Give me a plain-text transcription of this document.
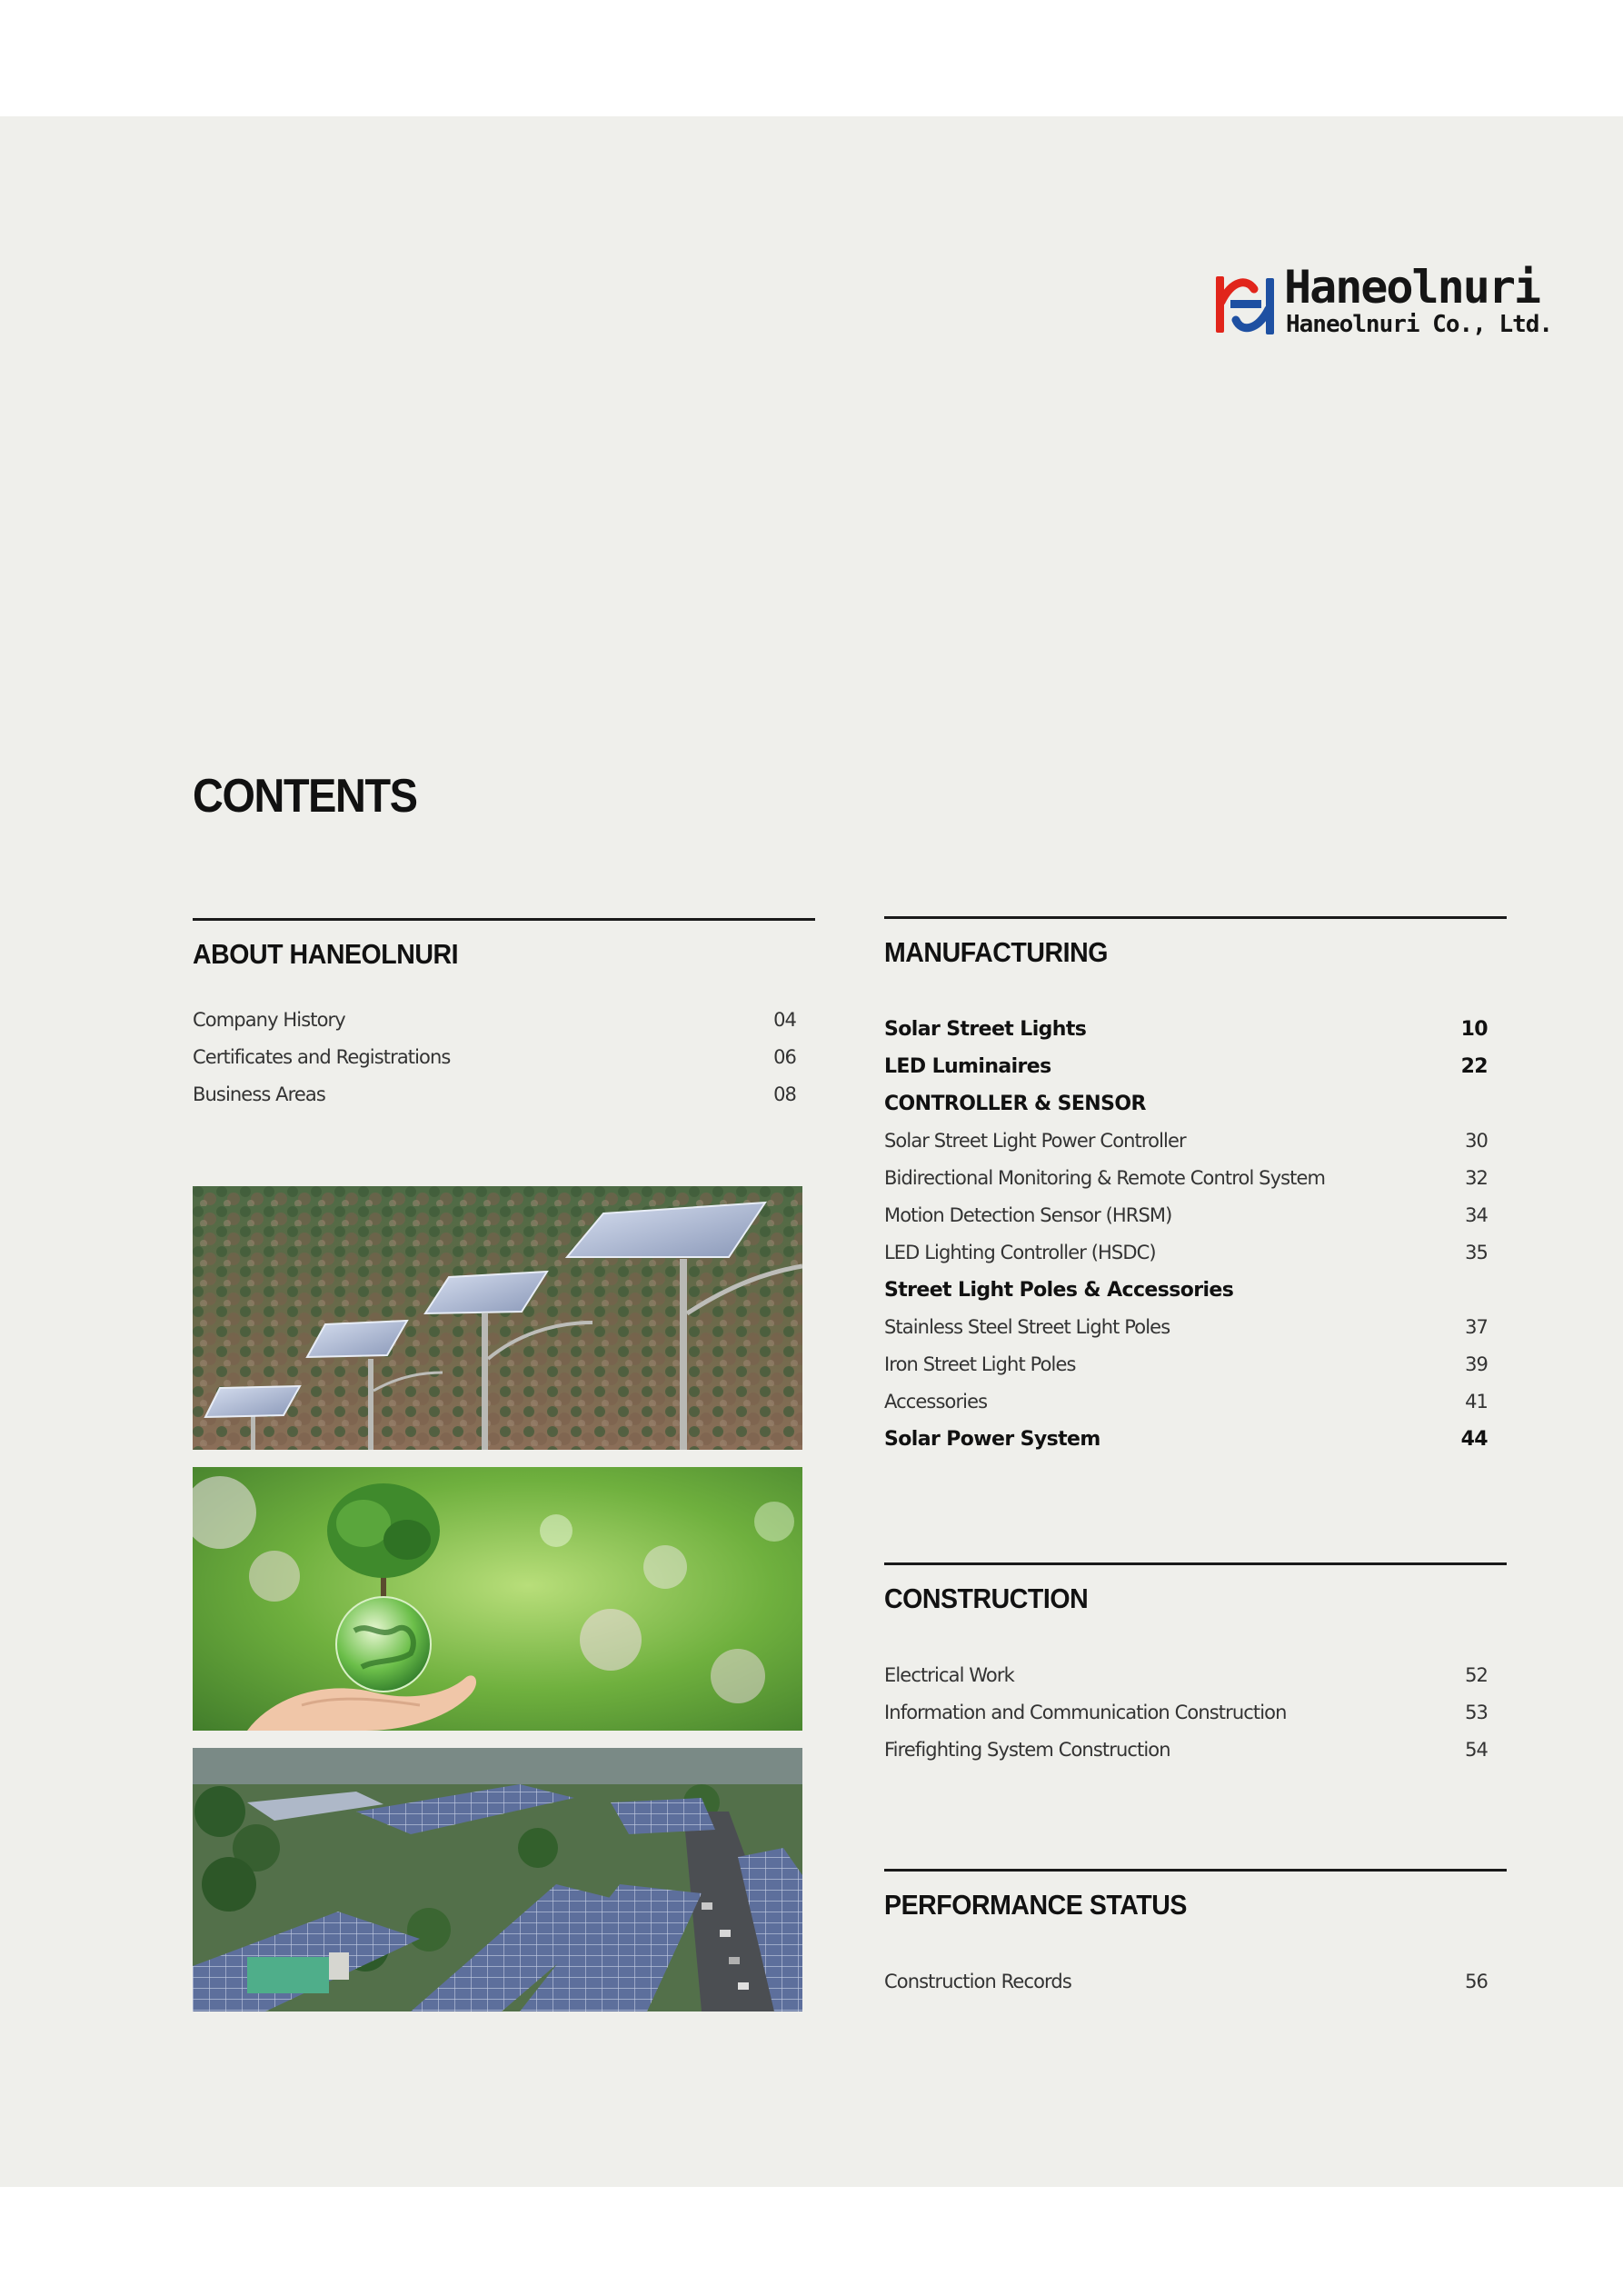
Haneolnuri
Haneolnuri Co., Ltd.
CONTENTS
ABOUT HANEOLNURI
Company History	04
Certificates and Registrations	06
Business Areas	08
MANUFACTURING
Solar Street Lights	10
LED Luminaires	22
CONTROLLER & SENSOR
Solar Street Light Power Controller	30
Bidirectional Monitoring & Remote Control System	32
Motion Detection Sensor (HRSM)	34
LED Lighting Controller (HSDC)	35
Street Light Poles & Accessories
Stainless Steel Street Light Poles	37
Iron Street Light Poles	39
Accessories	41
Solar Power System	44
CONSTRUCTION
Electrical Work	52
Information and Communication Construction	53
Firefighting System Construction	54
PERFORMANCE STATUS
Construction Records	56
